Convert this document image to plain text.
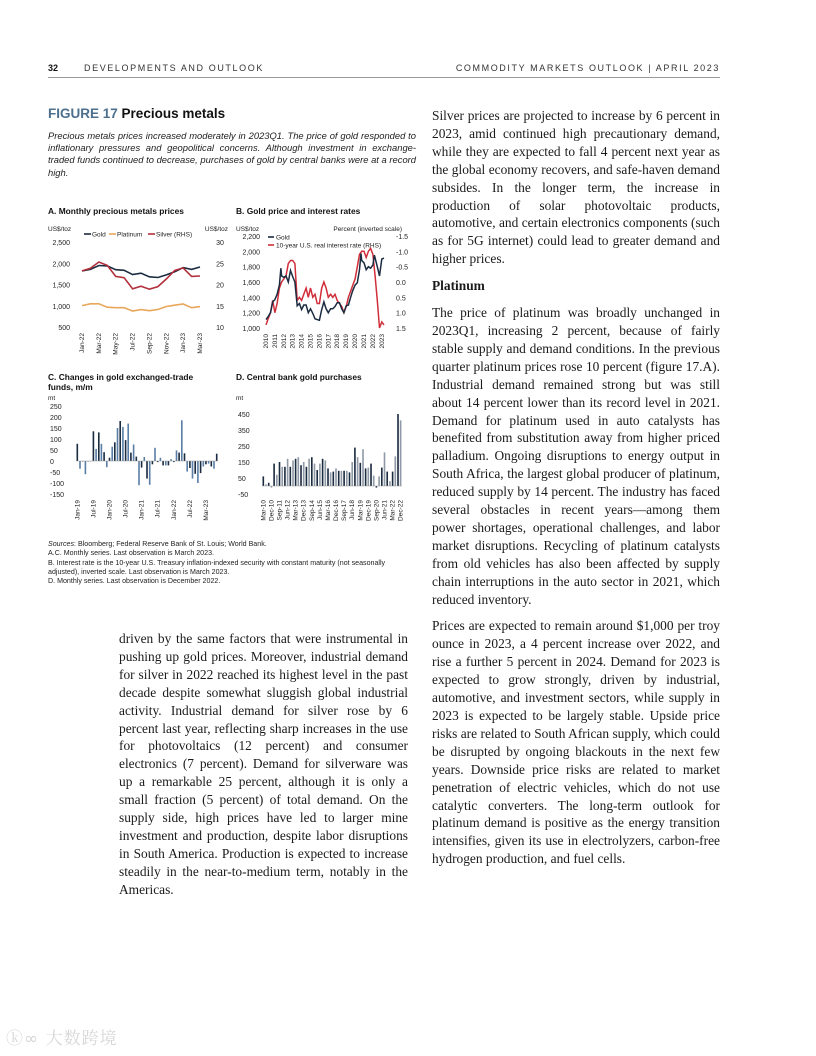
32	DEVELOPMENTS AND OUTLOOK	COMMODITY MARKETS OUTLOOK | APRIL 2023
FIGURE 17 Precious metals
Precious metals prices increased moderately in 2023Q1. The price of gold responded to inflationary pressures and geopolitical concerns. Although investment in exchange-traded funds continued to decrease, purchases of gold by central banks were at a record high.
A. Monthly precious metals prices
US$/toz	US$/toz
2,500
2,000
1,500
1,000
500
30
25
20
15
10
Gold Platinum Silver (RHS)
Jan-22 Mar-22 May-22 Jul-22 Sep-22 Nov-22 Jan-23 Mar-23
B. Gold price and interest rates
US$/toz	Percent (inverted scale)
2,200
2,000
1,800
1,600
1,400
1,200
1,000
-1.5
-1.0
-0.5
0.0
0.5
1.0
1.5
Gold
10-year U.S. real interest rate (RHS)
2010 2011 2012 2013 2014 2015 2016 2017 2018 2019 2020 2021 2022 2023
C. Changes in gold exchanged-trade funds, m/m
mt
250
200
150
100
50
0
-50
-100
-150
Jan-19 Jul-19 Jan-20 Jul-20 Jan-21 Jul-21 Jan-22 Jul-22 Mar-23
D. Central bank gold purchases
mt
450
350
250
150
50
-50
Mar-10 Dec-10 Sep-11 Jun-12 Mar-13 Dec-13 Sep-14 Jun-15 Mar-16 Dec-16 Sep-17 Jun-18 Mar-19 Dec-19 Sep-20 Jun-21 Mar-22 Dec-22
Sources: Bloomberg; Federal Reserve Bank of St. Louis; World Bank.
A.C. Monthly series. Last observation is March 2023.
B. Interest rate is the 10-year U.S. Treasury inflation-indexed security with constant maturity (not seasonally adjusted), inverted scale. Last observation is March 2023.
D. Monthly series. Last observation is December 2022.

driven by the same factors that were instrumental in pushing up gold prices. Moreover, industrial demand for silver in 2022 reached its highest level in the past decade despite somewhat sluggish global industrial activity. Industrial demand for silver rose by 6 percent last year, reflecting sharp increases in the use for photovoltaics (12 percent) and consumer electronics (7 percent). Demand for silverware was up a remarkable 25 percent, although it is only a small fraction (5 percent) of total demand. On the supply side, high prices have led to larger mine investment and production, despite labor disruptions in South America. Production is expected to increase steadily in the near-to-medium term, notably in the Americas.

Silver prices are projected to increase by 6 percent in 2023, amid continued high precautionary demand, while they are expected to fall 4 percent next year as the global economy recovers, and safe-haven demand subsides. In the longer term, the increase in production of solar photovoltaic products, automotive, and certain electronics components (such as for 5G internet) could lead to greater demand and higher prices.

Platinum

The price of platinum was broadly unchanged in 2023Q1, increasing 2 percent, because of fairly stable supply and demand conditions. In the previous quarter platinum prices rose 10 percent (figure 17.A). Industrial demand remained strong but was still about 14 percent lower than its record level in 2021. Demand for platinum used in auto catalysts has benefited from substitution away from higher priced palladium. Ongoing disruptions to energy output in South Africa, the largest global producer of platinum, reduced supply by 14 percent. The industry has faced several obstacles in recent years—among them power shortages, operational challenges, and labor market disruptions. Recycling of platinum catalysts from old vehicles has also been affected by supply chain interruptions in the auto sector in 2021, which reduced inventory.

Prices are expected to remain around $1,000 per troy ounce in 2023, a 4 percent increase over 2022, and rise a further 5 percent in 2024. Demand for 2023 is expected to grow strongly, driven by industrial, automotive, and investment sectors, while supply in 2023 is expected to be largely stable. Upside price risks are related to South African supply, which could be disrupted by ongoing blackouts in the next few years. Downside price risks are related to market penetration of electric vehicles, which do not use catalytic converters. The long-term outlook for platinum demand is positive as the energy transition intensifies, given its use in electrolyzers, carbon-free hydrogen production, and fuel cells.

ⓚ∞ 大数跨境
